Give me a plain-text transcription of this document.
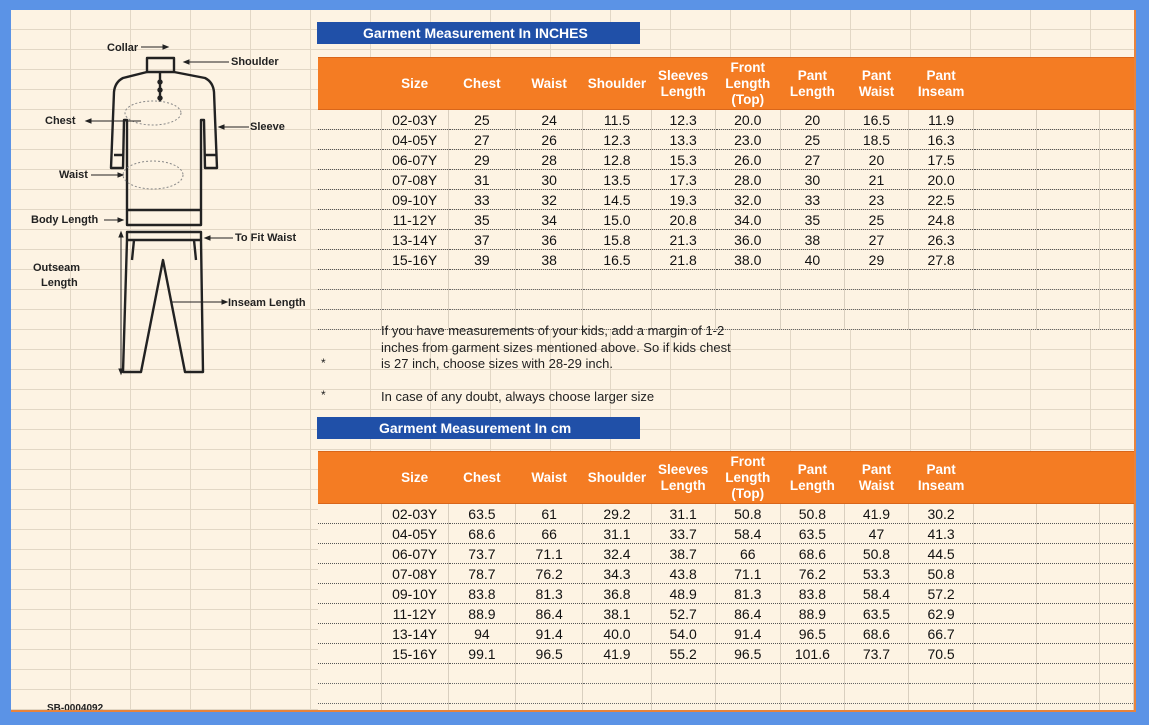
Collar
Shoulder
Chest	Sleeve
Waist
Body Length
To Fit Waist
Outseam
Length
Inseam Length
Garment Measurement In INCHES
	Size	Chest	Waist	Shoulder	Sleeves Length	Front Length (Top)	Pant Length	Pant Waist	Pant Inseam			
	02-03Y	25	24	11.5	12.3	20.0	20	16.5	11.9			
	04-05Y	27	26	12.3	13.3	23.0	25	18.5	16.3			
	06-07Y	29	28	12.8	15.3	26.0	27	20	17.5			
	07-08Y	31	30	13.5	17.3	28.0	30	21	20.0			
	09-10Y	33	32	14.5	19.3	32.0	33	23	22.5			
	11-12Y	35	34	15.0	20.8	34.0	35	25	24.8			
	13-14Y	37	36	15.8	21.3	36.0	38	27	26.3			
	15-16Y	39	38	16.5	21.8	38.0	40	29	27.8			

*
If you have measurements of your kids, add a margin of 1-2
inches from garment sizes mentioned above. So if kids chest
is 27 inch, choose sizes with 28-29 inch.
*	In case of any doubt, always choose larger size
Garment Measurement In cm
	Size	Chest	Waist	Shoulder	Sleeves Length	Front Length (Top)	Pant Length	Pant Waist	Pant Inseam			
	02-03Y	63.5	61	29.2	31.1	50.8	50.8	41.9	30.2			
	04-05Y	68.6	66	31.1	33.7	58.4	63.5	47	41.3			
	06-07Y	73.7	71.1	32.4	38.7	66	68.6	50.8	44.5			
	07-08Y	78.7	76.2	34.3	43.8	71.1	76.2	53.3	50.8			
	09-10Y	83.8	81.3	36.8	48.9	81.3	83.8	58.4	57.2			
	11-12Y	88.9	86.4	38.1	52.7	86.4	88.9	63.5	62.9			
	13-14Y	94	91.4	40.0	54.0	91.4	96.5	68.6	66.7			
	15-16Y	99.1	96.5	41.9	55.2	96.5	101.6	73.7	70.5			

SB-0004092
